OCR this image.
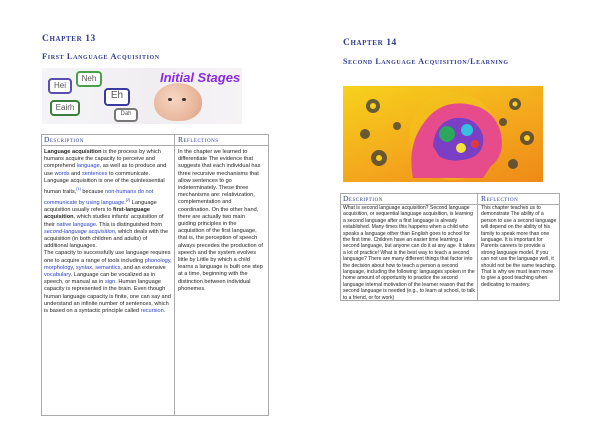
Chapter 13
First Language Acquisition
Hei
Neh
Eh
Eairh
Dah
Initial Stages
Description	Reflections

Language acquisition is the process by which humans acquire the capacity to perceive and comprehend language, as well as to produce and use words and sentences to communicate.

Language acquisition is one of the quintessential human traits,[1] because non-humans do not communicate by using language.[2] Language acquisition usually refers to first-language acquisition, which studies infants' acquisition of their native language. This is distinguished from second-language acquisition, which deals with the acquisition (in both children and adults) of additional languages.

The capacity to successfully use language requires one to acquire a range of tools including phonology, morphology, syntax, semantics, and an extensive vocabulary. Language can be vocalized as in speech, or manual as in sign. Human language capacity is represented in the brain. Even though human language capacity is finite, one can say and understand an infinite number of sentences, which is based on a syntactic principle called recursion.

In the chapter we learned to differentiate The evidence that suggests that each individual has three recursive mechanisms that allow sentences to go indeterminately. These three mechanisms are: relativization, complementation and coordination. On the other hand, there are actually two main guiding principles in the acquisition of the first language, that is, the perception of speech always precedes the production of speech and the system evolves little by Little by which a child learns a language is built one step at a time, beginning with the distinction between individual phonemes.
Chapter 14
Second Language Acquisition/Learning
Description	Reflection
What is second language acquisition? Second language acquisition, or sequential language acquisition, is learning a second language after a first language is already established. Many times this happens when a child who speaks a language other than English goes to school for the first time. Children have an easier time learning a second language, but anyone can do it at any age. It takes a lot of practice! What is the best way to teach a second language? There are many different things that factor into the decision about how to teach a person a second language, including the following: languages spoken in the home amount of opportunity to practice the second language internal motivation of the learner reason that the second language is needed (e.g., to learn at school, to talk to a friend, or for work)
This chapter teaches us to demonstrate The ability of a person to use a second language will depend on the ability of his family to speak more than one language. It is important for Parents careers to provide a strong language model. If you can not use the language well, it should not be the same teaching. That is why we must learn more to give a good teaching when dedicating to mastery.
